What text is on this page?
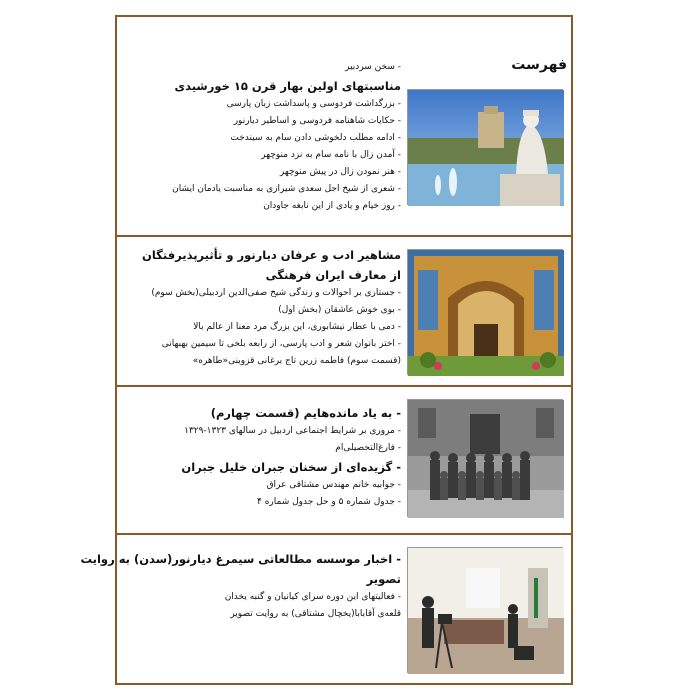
فهرست
- سخن سردبیر
مناسبتهای اولین بهار قرن ۱۵ خورشیدی
- بزرگداشت فردوسی و پاسداشت زبان پارسی
- حکایات شاهنامه فردوسی و اساطیر دیارنور
- ادامه مطلب دلخوشی دادن سام به سیندخت
- آمدن زال با نامه سام به نزد منوچهر
- هنر نمودن زال در پیش منوچهر
- شعری از شیخ اجل سعدی شیرازی به مناسبت یادمان ایشان
- روز خیام و یادی از این نابغه جاودان
مشاهیر ادب و عرفان دیارنور و تأثیرپذیرفتگان
از معارف ایران فرهنگی
- جستاری بر احوالات و زندگی شیخ صفی‌الدین اردبیلی(بخش سوم)
- بوی خوش عاشقان (بخش اول)
- دمی با عطار نیشابوری، این بزرگ مرد معنا از عالم بالا
- اختر بانوان شعر و ادب پارسی، از رابعه بلخی تا سیمین بهبهانی
(قسمت سوم) فاطمه زرین تاج برغانی قزوینی«طاهره»
- به یاد مانده‌هایم (قسمت چهارم)
- مروری بر شرایط اجتماعی اردبیل در سالهای ۱۳۲۳-۱۳۲۹
- فارغ‌التحصیلی‌ام
- گزیده‌ای از سخنان جبران خلیل جبران
- جوابیه خانم مهندس مشتاقی عراق
- جدول شماره ۵ و حل جدول شماره ۴
- اخبار موسسه مطالعاتی سیمرغ دیارنور(سدن) به روایت
تصویر
- فعالیتهای این دوره سرای کیانیان و گنبه یخدان
قلعه‌ی آقابابا(یخچال مشتاقی) به روایت تصویر
